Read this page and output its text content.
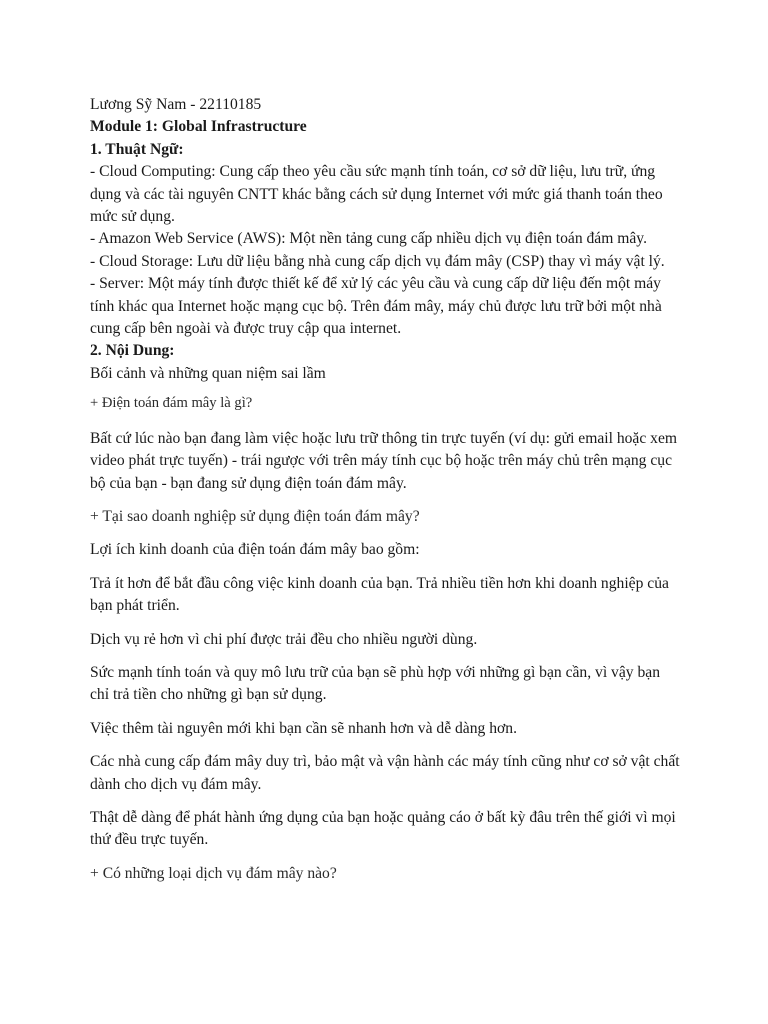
Lương Sỹ Nam - 22110185

Module 1: Global Infrastructure

1. Thuật Ngữ:

- Cloud Computing: Cung cấp theo yêu cầu sức mạnh tính toán, cơ sở dữ liệu, lưu trữ, ứng dụng và các tài nguyên CNTT khác bằng cách sử dụng Internet với mức giá thanh toán theo mức sử dụng.

- Amazon Web Service (AWS): Một nền tảng cung cấp nhiều dịch vụ điện toán đám mây.

- Cloud Storage: Lưu dữ liệu bằng nhà cung cấp dịch vụ đám mây (CSP) thay vì máy vật lý.

- Server: Một máy tính được thiết kế để xử lý các yêu cầu và cung cấp dữ liệu đến một máy tính khác qua Internet hoặc mạng cục bộ. Trên đám mây, máy chủ được lưu trữ bởi một nhà cung cấp bên ngoài và được truy cập qua internet.

2. Nội Dung:

Bối cảnh và những quan niệm sai lầm

+ Điện toán đám mây là gì?

Bất cứ lúc nào bạn đang làm việc hoặc lưu trữ thông tin trực tuyến (ví dụ: gửi email hoặc xem video phát trực tuyến) - trái ngược với trên máy tính cục bộ hoặc trên máy chủ trên mạng cục bộ của bạn - bạn đang sử dụng điện toán đám mây.

+ Tại sao doanh nghiệp sử dụng điện toán đám mây?

Lợi ích kinh doanh của điện toán đám mây bao gồm:

Trả ít hơn để bắt đầu công việc kinh doanh của bạn. Trả nhiều tiền hơn khi doanh nghiệp của bạn phát triển.

Dịch vụ rẻ hơn vì chi phí được trải đều cho nhiều người dùng.

Sức mạnh tính toán và quy mô lưu trữ của bạn sẽ phù hợp với những gì bạn cần, vì vậy bạn chỉ trả tiền cho những gì bạn sử dụng.

Việc thêm tài nguyên mới khi bạn cần sẽ nhanh hơn và dễ dàng hơn.

Các nhà cung cấp đám mây duy trì, bảo mật và vận hành các máy tính cũng như cơ sở vật chất dành cho dịch vụ đám mây.

Thật dễ dàng để phát hành ứng dụng của bạn hoặc quảng cáo ở bất kỳ đâu trên thế giới vì mọi thứ đều trực tuyến.

+ Có những loại dịch vụ đám mây nào?
